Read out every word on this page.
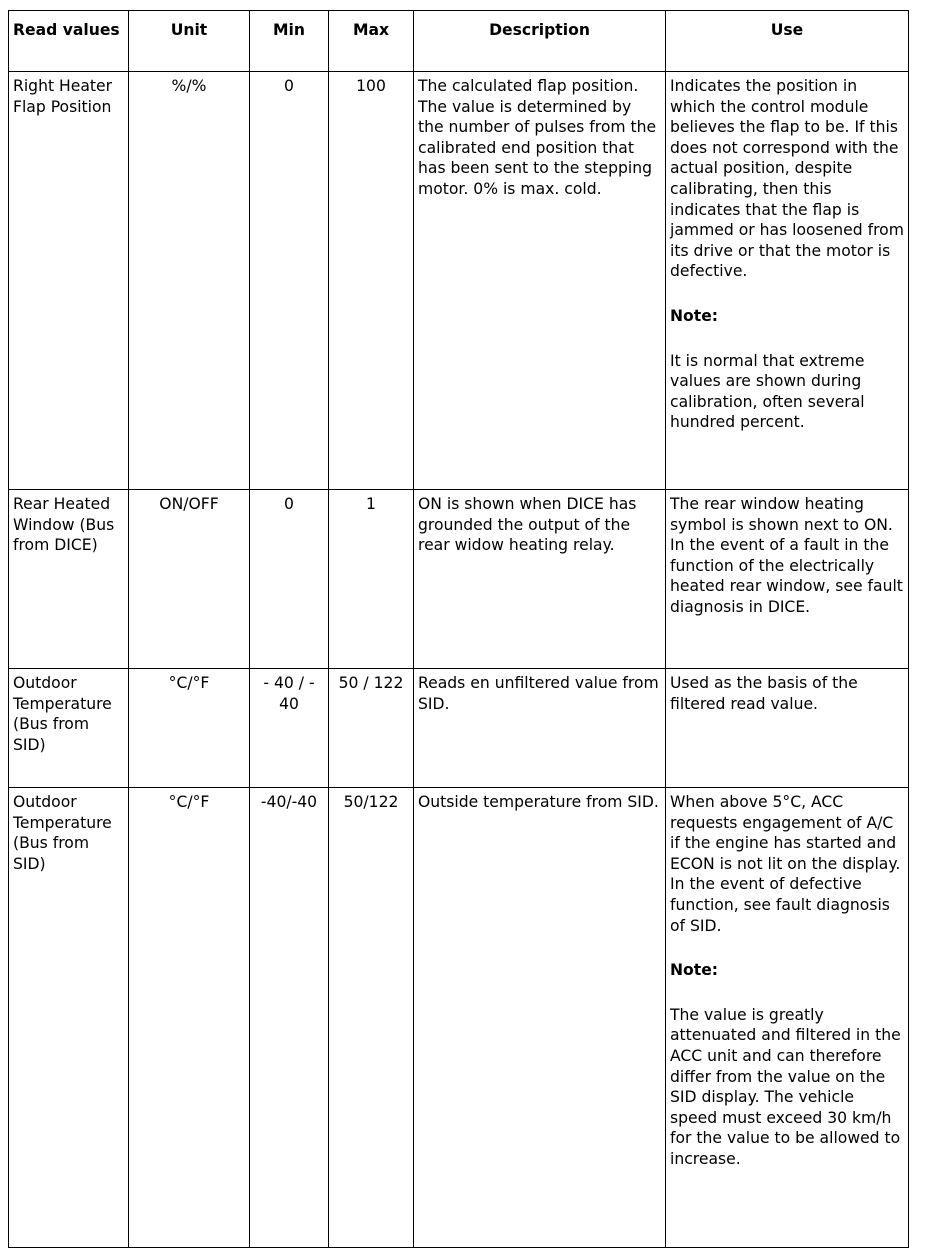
Read values	Unit	Min	Max	Description	Use
Right Heater Flap Position	%/%	0	100	The calculated flap position. The value is determined by the number of pulses from the calibrated end position that has been sent to the stepping motor. 0% is max. cold.	Indicates the position in which the control module believes the flap to be. If this does not correspond with the actual position, despite calibrating, then this indicates that the flap is jammed or has loosened from its drive or that the motor is defective.

Note:

It is normal that extreme values are shown during calibration, often several hundred percent.

Rear Heated Window (Bus from DICE)	ON/OFF	0	1	ON is shown when DICE has grounded the output of the rear widow heating relay.	The rear window heating symbol is shown next to ON. In the event of a fault in the function of the electrically heated rear window, see fault diagnosis in DICE.
Outdoor Temperature (Bus from SID)	°C/°F	- 40 / - 40	50 / 122	Reads en unfiltered value from SID.	Used as the basis of the filtered read value.
Outdoor Temperature (Bus from SID)	°C/°F	-40/-40	50/122	Outside temperature from SID.	When above 5°C, ACC requests engagement of A/C if the engine has started and ECON is not lit on the display. In the event of defective function, see fault diagnosis of SID.

Note:

The value is greatly attenuated and filtered in the ACC unit and can therefore differ from the value on the SID display. The vehicle speed must exceed 30 km/h for the value to be allowed to increase.
